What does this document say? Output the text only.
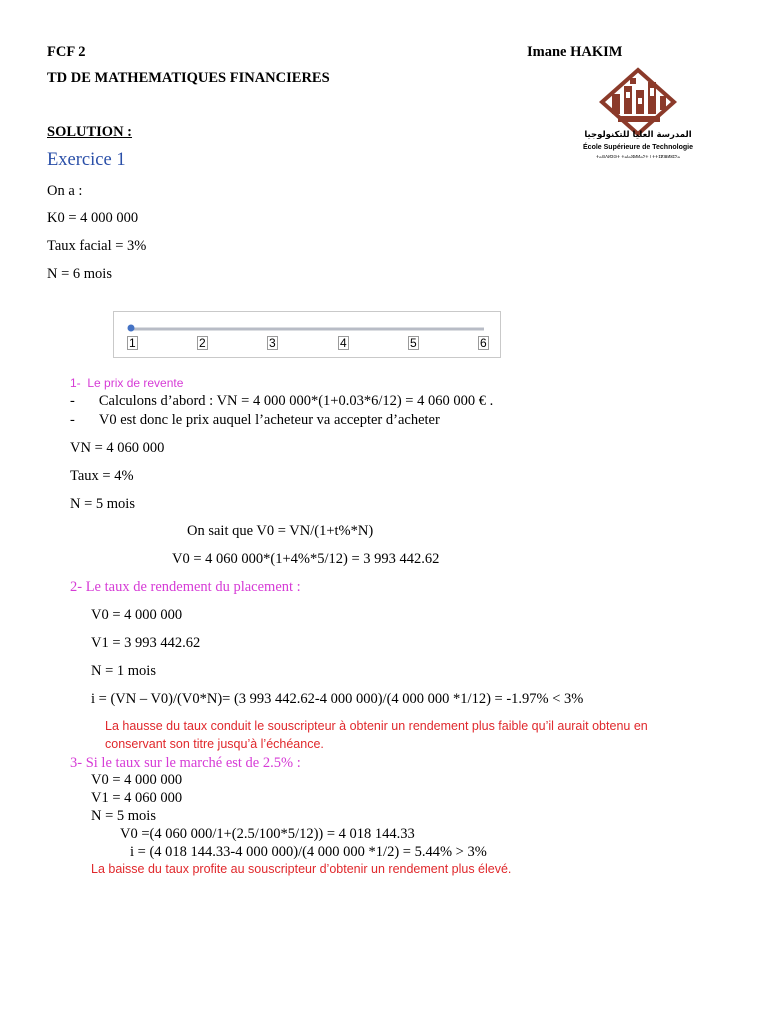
FCF 2	Imane HAKIM
TD DE MATHEMATIQUES FINANCIERES
SOLUTION :	المدرسة العليا للتكنولوجيا
École Supérieure de Technologie
ⵜⴰⵙⴷⵍⵉⵙⵜ ⵜⴰⵏⴰⴼⵍⵍⴰⵢⵜ ⵏ ⵜⵜⵉⴽⵏⵓⵍⵓⵊⵢⴰ
Exercice 1
On a :
K0 = 4 000 000
Taux facial = 3%
N = 6 mois
1	2	3	4	5	6
1- Le prix de revente
- Calculons d’abord : VN = 4 000 000*(1+0.03*6/12) = 4 060 000 € .
- V0 est donc le prix auquel l’acheteur va accepter d’acheter
VN = 4 060 000
Taux = 4%
N = 5 mois
On sait que V0 = VN/(1+t%*N)
V0 = 4 060 000*(1+4%*5/12) = 3 993 442.62
2- Le taux de rendement du placement :
V0 = 4 000 000
V1 = 3 993 442.62
N = 1 mois
i = (VN – V0)/(V0*N)= (3 993 442.62-4 000 000)/(4 000 000 *1/12) = -1.97% < 3%
La hausse du taux conduit le souscripteur à obtenir un rendement plus faible qu’il aurait obtenu en
conservant son titre jusqu’à l’échéance.
3- Si le taux sur le marché est de 2.5% :
V0 = 4 000 000
V1 = 4 060 000
N = 5 mois
V0 =(4 060 000/1+(2.5/100*5/12)) = 4 018 144.33
i = (4 018 144.33-4 000 000)/(4 000 000 *1/2) = 5.44% > 3%
La baisse du taux profite au souscripteur d’obtenir un rendement plus élevé.
